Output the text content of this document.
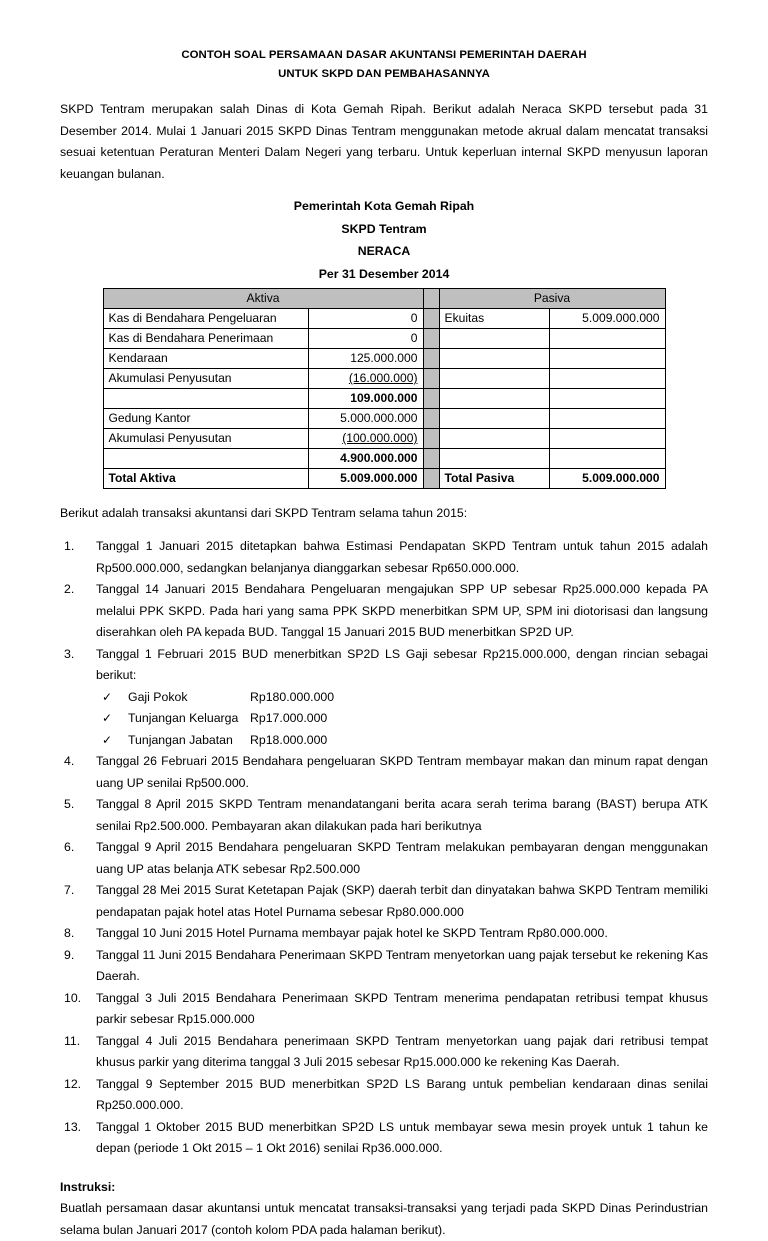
CONTOH SOAL PERSAMAAN DASAR AKUNTANSI PEMERINTAH DAERAH
UNTUK SKPD DAN PEMBAHASANNYA

SKPD Tentram merupakan salah Dinas di Kota Gemah Ripah. Berikut adalah Neraca SKPD tersebut pada 31 Desember 2014. Mulai 1 Januari 2015 SKPD Dinas Tentram menggunakan metode akrual dalam mencatat transaksi sesuai ketentuan Peraturan Menteri Dalam Negeri yang terbaru. Untuk keperluan internal SKPD menyusun laporan keuangan bulanan.

Pemerintah Kota Gemah Ripah
SKPD Tentram
NERACA
Per 31 Desember 2014
Aktiva			Pasiva	
Kas di Bendahara Pengeluaran	0		Ekuitas	5.009.000.000
Kas di Bendahara Penerimaan	0			
Kendaraan	125.000.000			
Akumulasi Penyusutan	(16.000.000)			
	109.000.000			
Gedung Kantor	5.000.000.000			
Akumulasi Penyusutan	(100.000.000)			
	4.900.000.000			
Total Aktiva	5.009.000.000		Total Pasiva	5.009.000.000

Berikut adalah transaksi akuntansi dari SKPD Tentram selama tahun 2015:

1.	Tanggal 1 Januari 2015 ditetapkan bahwa Estimasi Pendapatan SKPD Tentram untuk tahun 2015 adalah Rp500.000.000, sedangkan belanjanya dianggarkan sebesar Rp650.000.000.
2.	Tanggal 14 Januari 2015 Bendahara Pengeluaran mengajukan SPP UP sebesar Rp25.000.000 kepada PA melalui PPK SKPD. Pada hari yang sama PPK SKPD menerbitkan SPM UP, SPM ini diotorisasi dan langsung diserahkan oleh PA kepada BUD. Tanggal 15 Januari 2015 BUD menerbitkan SP2D UP.
3.	Tanggal 1 Februari 2015 BUD menerbitkan SP2D LS Gaji sebesar Rp215.000.000, dengan rincian sebagai berikut:
✓ Gaji Pokok	Rp180.000.000
✓ Tunjangan Keluarga Rp17.000.000
✓ Tunjangan Jabatan Rp18.000.000
4.	Tanggal 26 Februari 2015 Bendahara pengeluaran SKPD Tentram membayar makan dan minum rapat dengan uang UP senilai Rp500.000.
5.	Tanggal 8 April 2015 SKPD Tentram menandatangani berita acara serah terima barang (BAST) berupa ATK senilai Rp2.500.000. Pembayaran akan dilakukan pada hari berikutnya
6.	Tanggal 9 April 2015 Bendahara pengeluaran SKPD Tentram melakukan pembayaran dengan menggunakan uang UP atas belanja ATK sebesar Rp2.500.000
7.	Tanggal 28 Mei 2015 Surat Ketetapan Pajak (SKP) daerah terbit dan dinyatakan bahwa SKPD Tentram memiliki pendapatan pajak hotel atas Hotel Purnama sebesar Rp80.000.000
8.	Tanggal 10 Juni 2015 Hotel Purnama membayar pajak hotel ke SKPD Tentram Rp80.000.000.
9.	Tanggal 11 Juni 2015 Bendahara Penerimaan SKPD Tentram menyetorkan uang pajak tersebut ke rekening Kas Daerah.
10.	Tanggal 3 Juli 2015 Bendahara Penerimaan SKPD Tentram menerima pendapatan retribusi tempat khusus parkir sebesar Rp15.000.000
11.	Tanggal 4 Juli 2015 Bendahara penerimaan SKPD Tentram menyetorkan uang pajak dari retribusi tempat khusus parkir yang diterima tanggal 3 Juli 2015 sebesar Rp15.000.000 ke rekening Kas Daerah.
12.	Tanggal 9 September 2015 BUD menerbitkan SP2D LS Barang untuk pembelian kendaraan dinas senilai Rp250.000.000.
13.	Tanggal 1 Oktober 2015 BUD menerbitkan SP2D LS untuk membayar sewa mesin proyek untuk 1 tahun ke depan (periode 1 Okt 2015 – 1 Okt 2016) senilai Rp36.000.000.
Instruksi:
Buatlah persamaan dasar akuntansi untuk mencatat transaksi-transaksi yang terjadi pada SKPD Dinas Perindustrian selama bulan Januari 2017 (contoh kolom PDA pada halaman berikut).
